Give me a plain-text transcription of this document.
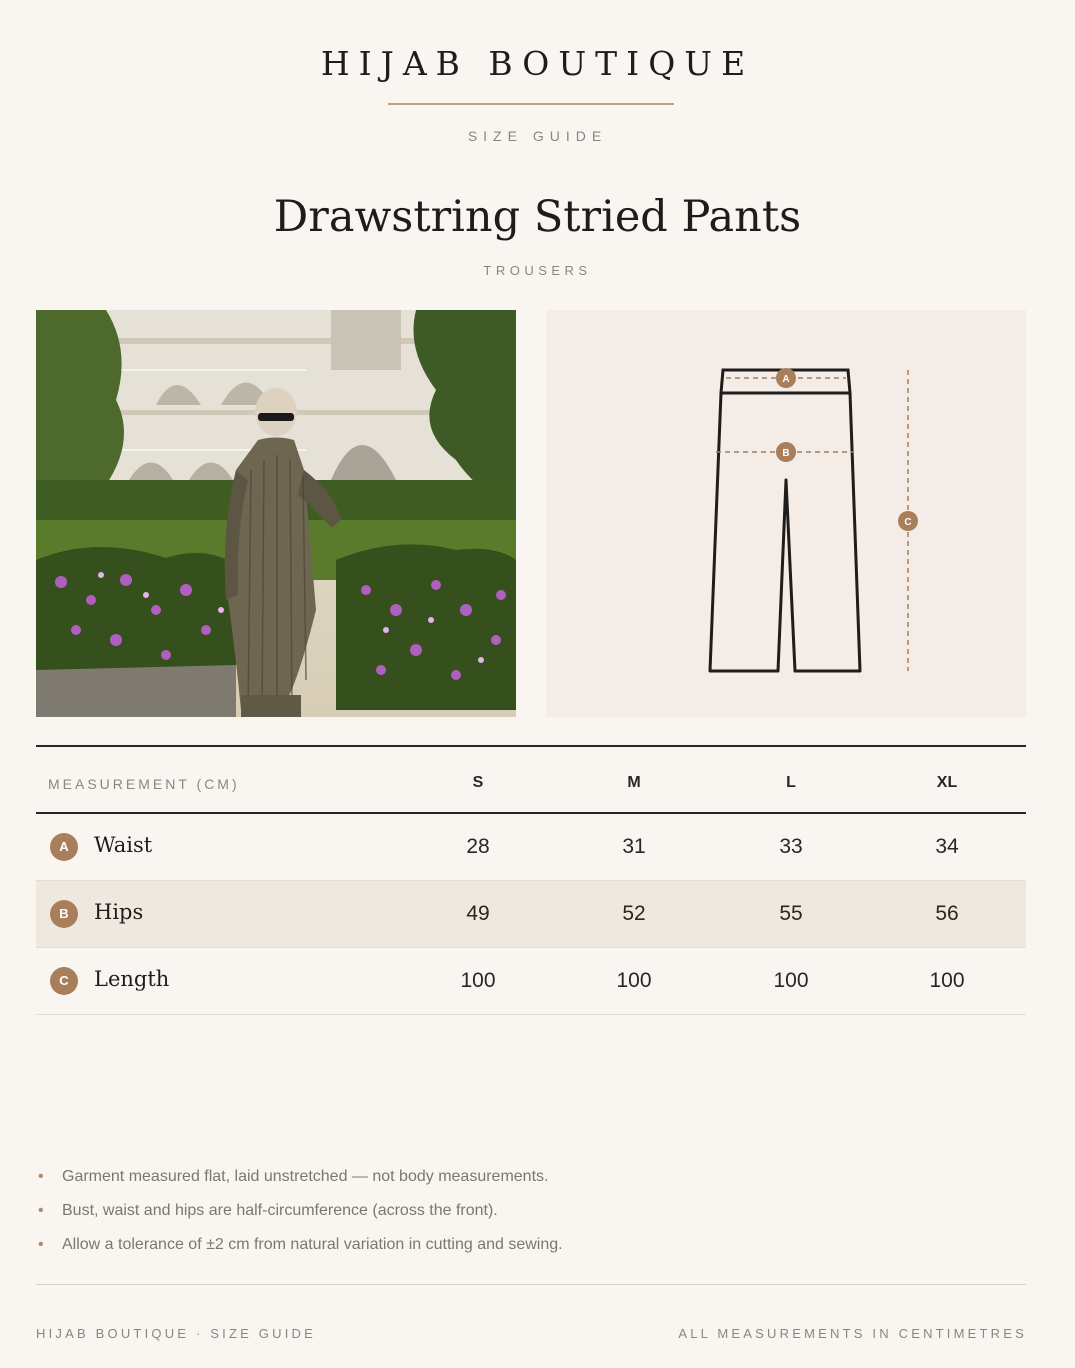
HIJAB BOUTIQUE
SIZE GUIDE
Drawstring Stried Pants
TROUSERS
A
B
C
MEASUREMENT (CM)	S	M	L	XL
A	Waist	28	31	33	34
B	Hips	49	52	55	56
C	Length	100	100	100	100
• Garment measured flat, laid unstretched — not body measurements.
• Bust, waist and hips are half-circumference (across the front).
• Allow a tolerance of ±2 cm from natural variation in cutting and sewing.
HIJAB BOUTIQUE · SIZE GUIDE	ALL MEASUREMENTS IN CENTIMETRES
